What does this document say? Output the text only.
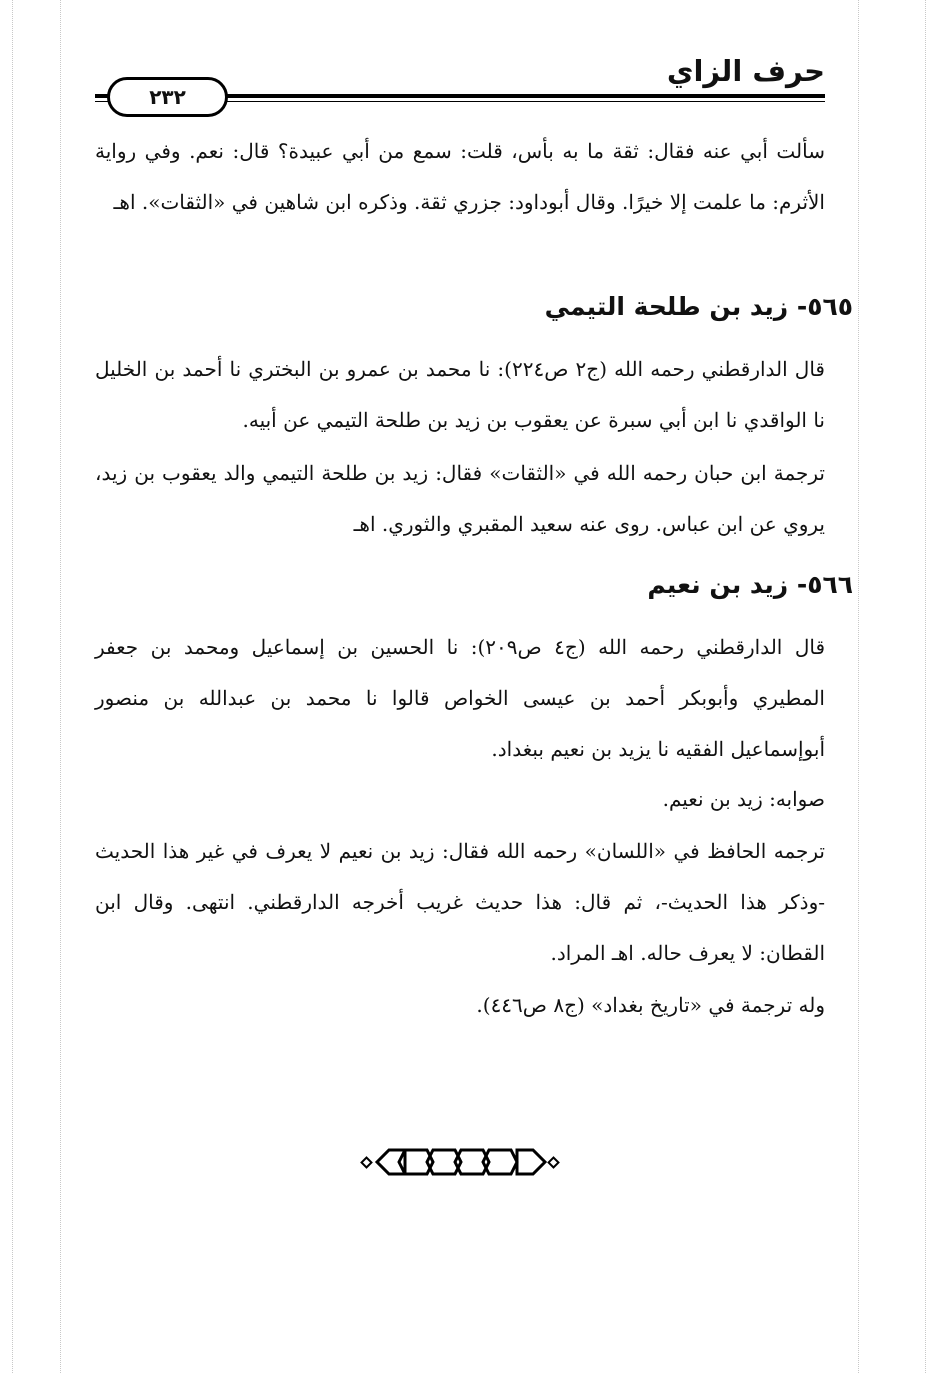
حرف الزاي
٢٣٢

سألت أبي عنه فقال: ثقة ما به بأس، قلت: سمع من أبي عبيدة؟ قال: نعم. وفي رواية الأثرم: ما علمت إلا خيرًا. وقال أبوداود: جزري ثقة. وذكره ابن شاهين في «الثقات». اهـ

٥٦٥- زيد بن طلحة التيمي

قال الدارقطني رحمه الله (ج٢ ص٢٢٤): نا محمد بن عمرو بن البختري نا أحمد بن الخليل نا الواقدي نا ابن أبي سبرة عن يعقوب بن زيد بن طلحة التيمي عن أبيه.

ترجمة ابن حبان رحمه الله في «الثقات» فقال: زيد بن طلحة التيمي والد يعقوب بن زيد، يروي عن ابن عباس. روى عنه سعيد المقبري والثوري. اهـ

٥٦٦- زيد بن نعيم

قال الدارقطني رحمه الله (ج٤ ص٢٠٩): نا الحسين بن إسماعيل ومحمد بن جعفر المطيري وأبوبكر أحمد بن عيسى الخواص قالوا نا محمد بن عبدالله بن منصور أبوإسماعيل الفقيه نا يزيد بن نعيم ببغداد.

صوابه: زيد بن نعيم.

ترجمه الحافظ في «اللسان» رحمه الله فقال: زيد بن نعيم لا يعرف في غير هذا الحديث -وذكر هذا الحديث-، ثم قال: هذا حديث غريب أخرجه الدارقطني. انتهى. وقال ابن القطان: لا يعرف حاله. اهـ المراد.

وله ترجمة في «تاريخ بغداد» (ج٨ ص٤٤٦).
